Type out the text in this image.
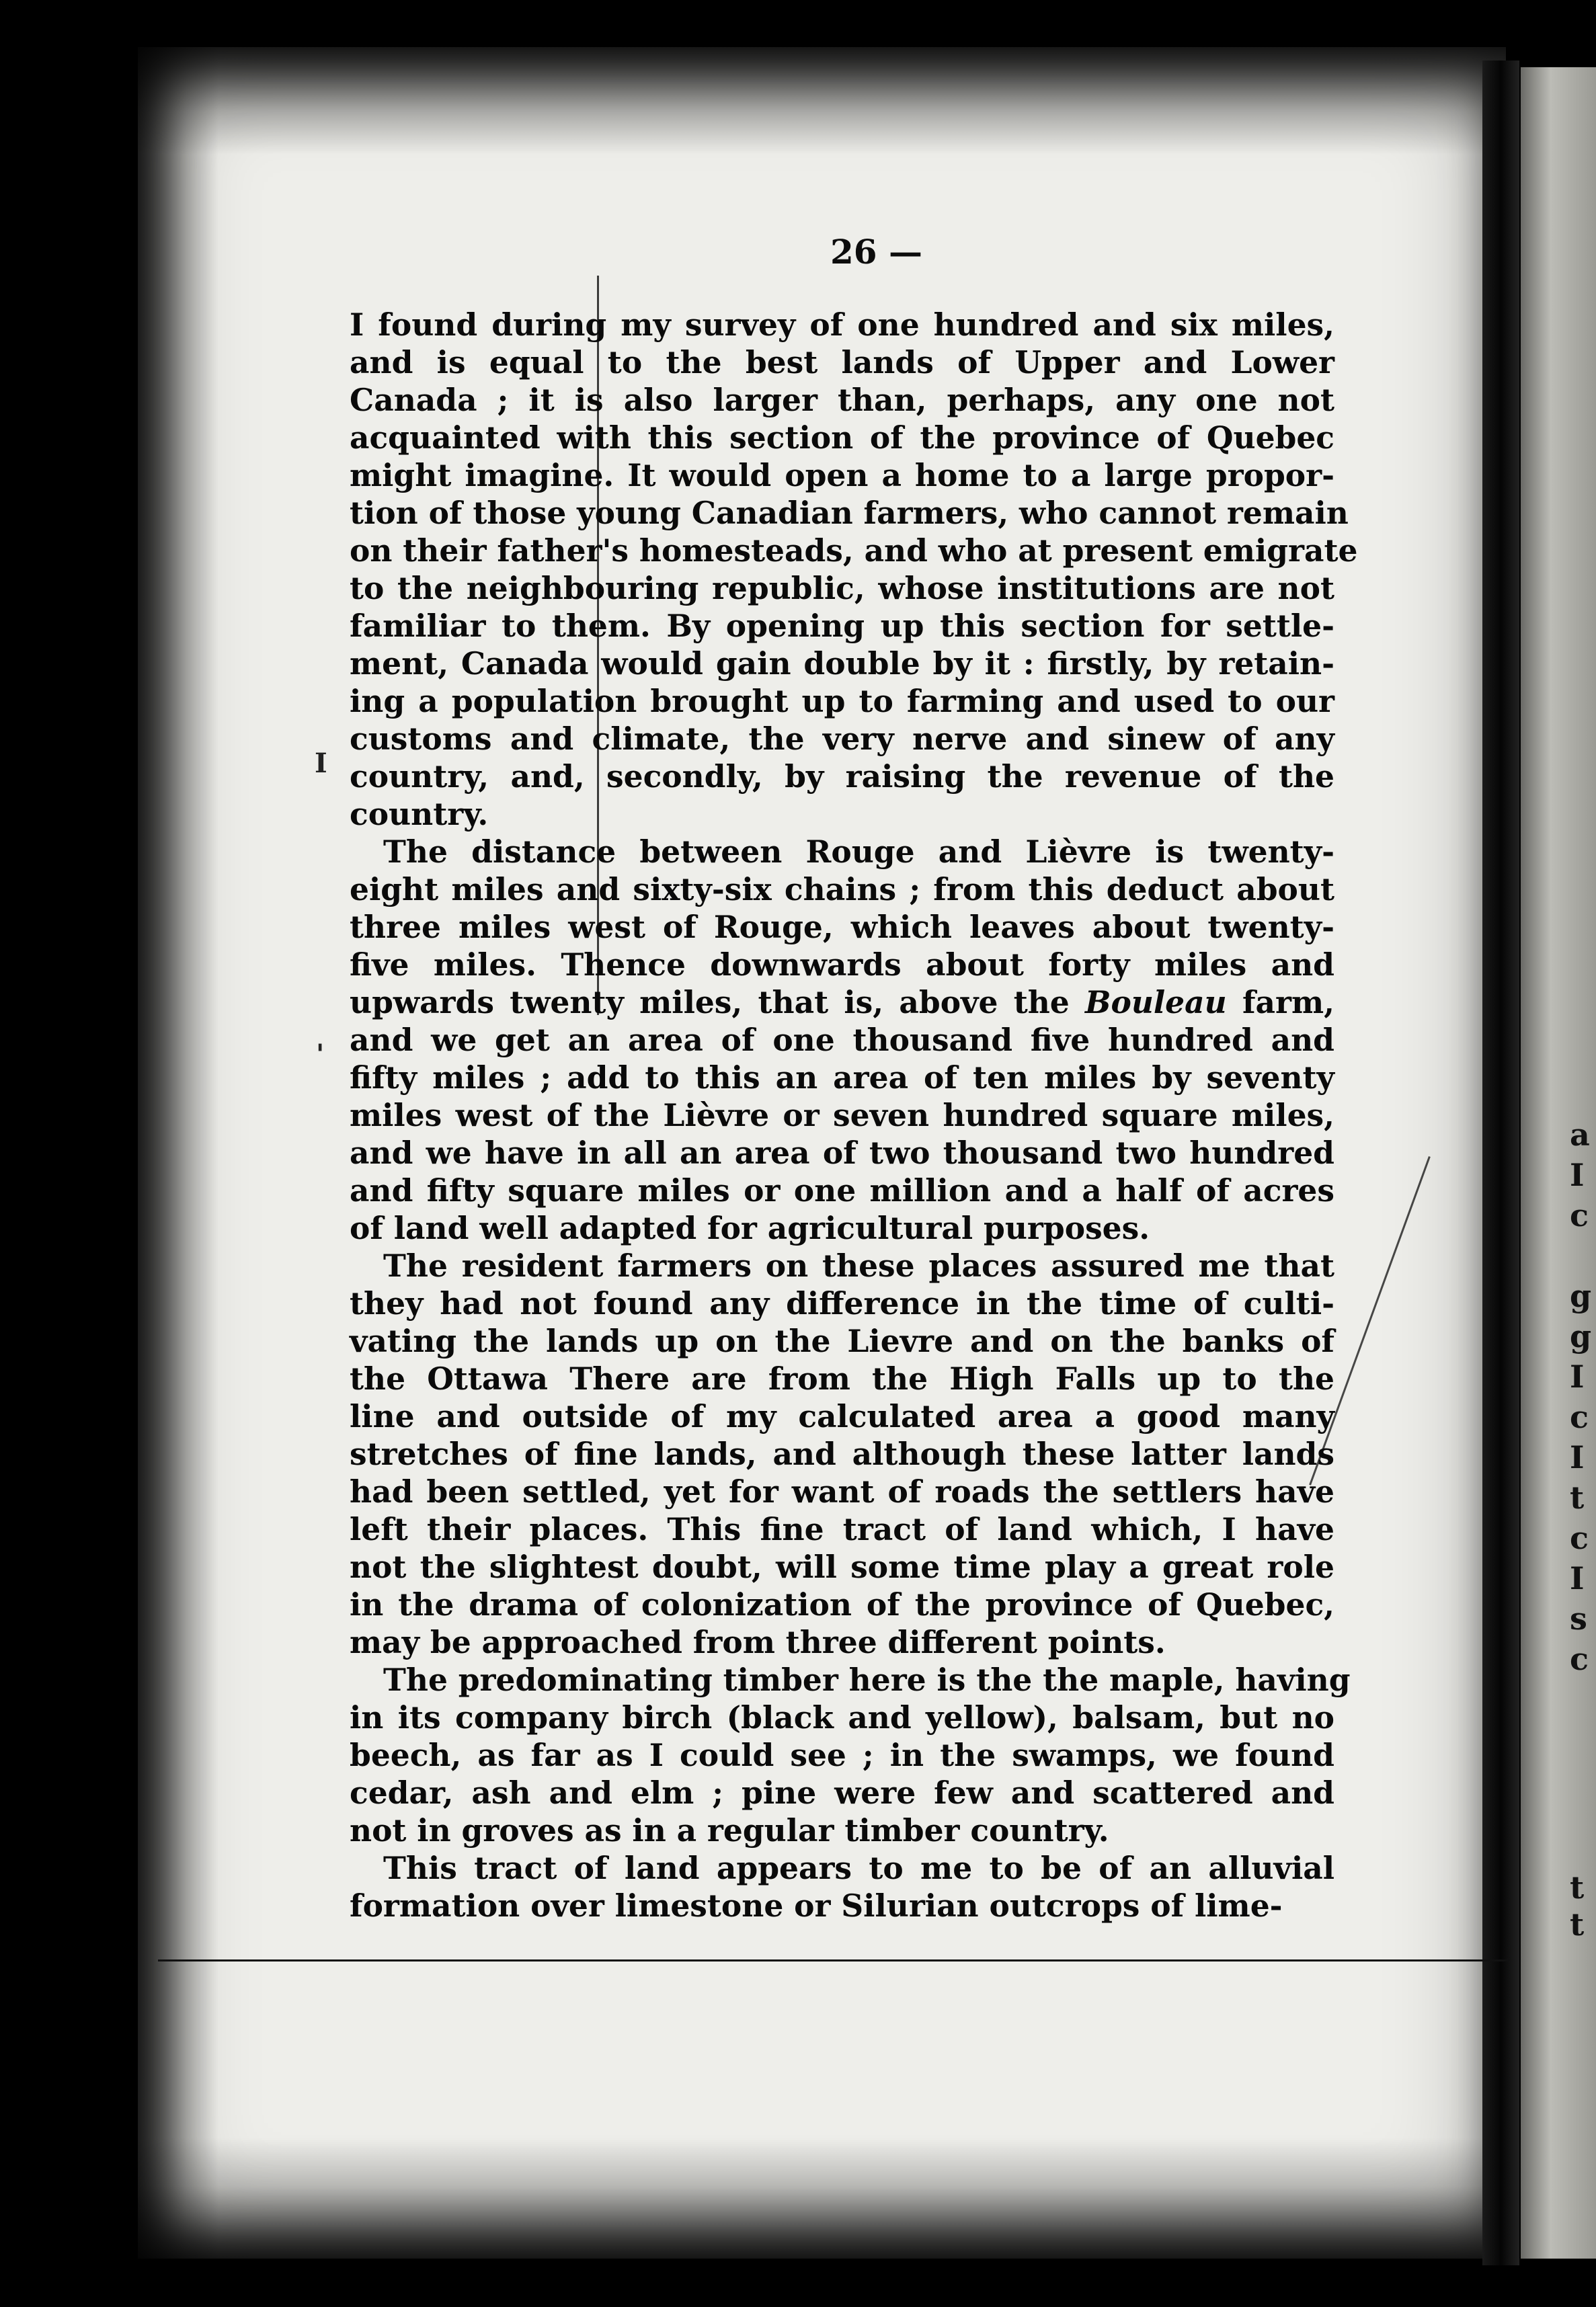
a
I
c
g
g
I
c
I
t
c
I
s
c
t
t
I
'
26 —
I found during my survey of one hundred and six miles,
and is equal to the best lands of Upper and Lower
Canada ; it is also larger than, perhaps, any one not
acquainted with this section of the province of Quebec
might imagine. It would open a home to a large propor-
tion of those young Canadian farmers, who cannot remain
on their father's homesteads, and who at present emigrate
to the neighbouring republic, whose institutions are not
familiar to them. By opening up this section for settle-
ment, Canada would gain double by it : firstly, by retain-
ing a population brought up to farming and used to our
customs and climate, the very nerve and sinew of any
country, and, secondly, by raising the revenue of the
country.
The distance between Rouge and Lièvre is twenty-
eight miles and sixty-six chains ; from this deduct about
three miles west of Rouge, which leaves about twenty-
five miles. Thence downwards about forty miles and
upwards twenty miles, that is, above the Bouleau farm,
and we get an area of one thousand five hundred and
fifty miles ; add to this an area of ten miles by seventy
miles west of the Lièvre or seven hundred square miles,
and we have in all an area of two thousand two hundred
and fifty square miles or one million and a half of acres
of land well adapted for agricultural purposes.
The resident farmers on these places assured me that
they had not found any difference in the time of culti-
vating the lands up on the Lievre and on the banks of
the Ottawa There are from the High Falls up to the
line and outside of my calculated area a good many
stretches of fine lands, and although these latter lands
had been settled, yet for want of roads the settlers have
left their places. This fine tract of land which, I have
not the slightest doubt, will some time play a great role
in the drama of colonization of the province of Quebec,
may be approached from three different points.
The predominating timber here is the the maple, having
in its company birch (black and yellow), balsam, but no
beech, as far as I could see ; in the swamps, we found
cedar, ash and elm ; pine were few and scattered and
not in groves as in a regular timber country.
This tract of land appears to me to be of an alluvial
formation over limestone or Silurian outcrops of lime-
